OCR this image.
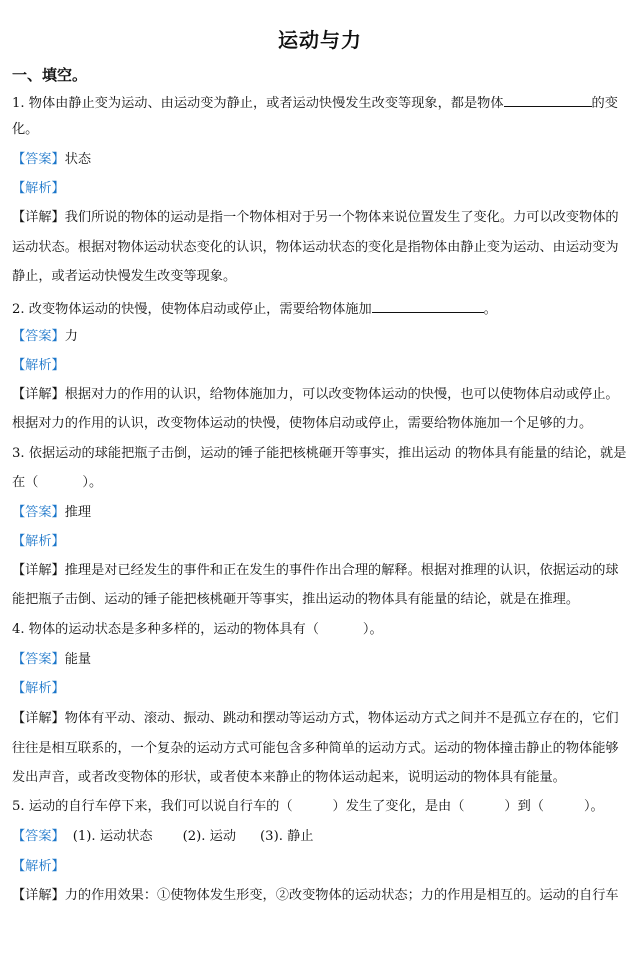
运动与力
一、填空。
1. 物体由静止变为运动、由运动变为静止，或者运动快慢发生改变等现象，都是物体	的变
化。
【答案】状态
【解析】
【详解】我们所说的物体的运动是指一个物体相对于另一个物体来说位置发生了变化。力可以改变物体的
运动状态。根据对物体运动状态变化的认识，物体运动状态的变化是指物体由静止变为运动、由运动变为
静止，或者运动快慢发生改变等现象。
2. 改变物体运动的快慢，使物体启动或停止，需要给物体施加	。
【答案】力
【解析】
【详解】根据对力的作用的认识，给物体施加力，可以改变物体运动的快慢，也可以使物体启动或停止。
根据对力的作用的认识，改变物体运动的快慢，使物体启动或停止，需要给物体施加一个足够的力。
3. 依据运动的球能把瓶子击倒，运动的锤子能把核桃砸开等事实，推出运动 的物体具有能量的结论，就是
在（	）。
【答案】推理
【解析】
【详解】推理是对已经发生的事件和正在发生的事件作出合理的解释。根据对推理的认识，依据运动的球
能把瓶子击倒、运动的锤子能把核桃砸开等事实，推出运动的物体具有能量的结论，就是在推理。
4. 物体的运动状态是多种多样的，运动的物体具有（	）。
【答案】能量
【解析】
【详解】物体有平动、滚动、振动、跳动和摆动等运动方式，物体运动方式之间并不是孤立存在的，它们
往往是相互联系的，一个复杂的运动方式可能包含多种简单的运动方式。运动的物体撞击静止的物体能够
发出声音，或者改变物体的形状，或者使本来静止的物体运动起来，说明运动的物体具有能量。
5. 运动的自行车停下来，我们可以说自行车的（	）发生了变化，是由（	）到（	）。
【答案】 (1). 运动状态 (2). 运动 (3). 静止
【解析】
【详解】力的作用效果：①使物体发生形变，②改变物体的运动状态；力的作用是相互的。运动的自行车
